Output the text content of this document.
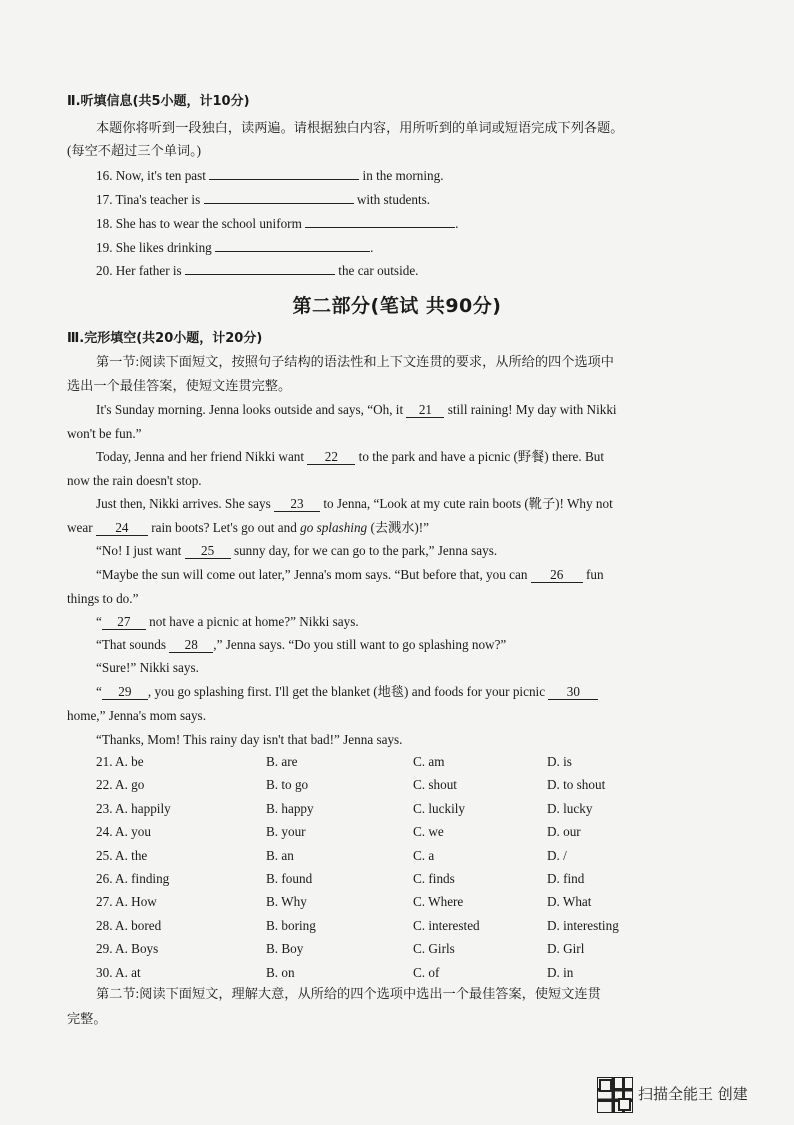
Ⅱ.听填信息(共5小题，计10分)
本题你将听到一段独白，读两遍。请根据独白内容，用所听到的单词或短语完成下列各题。
(每空不超过三个单词。)
16. Now, it's ten past	in the morning.
17. Tina's teacher is	with students.
18. She has to wear the school uniform	.
19. She likes drinking	.
20. Her father is	the car outside.
第二部分(笔试 共90分)
Ⅲ.完形填空(共20小题，计20分)
第一节:阅读下面短文，按照句子结构的语法性和上下文连贯的要求，从所给的四个选项中
选出一个最佳答案，使短文连贯完整。
It's Sunday morning. Jenna looks outside and says, “Oh, it 21 still raining! My day with Nikki
won't be fun.”
Today, Jenna and her friend Nikki want 22 to the park and have a picnic (野餐) there. But
now the rain doesn't stop.
Just then, Nikki arrives. She says 23 to Jenna, “Look at my cute rain boots (靴子)! Why not
wear 24 rain boots? Let's go out and go splashing (去溅水)!”
“No! I just want 25 sunny day, for we can go to the park,” Jenna says.
“Maybe the sun will come out later,” Jenna's mom says. “But before that, you can 26 fun
things to do.”
“ 27 not have a picnic at home?” Nikki says.
“That sounds 28 ,” Jenna says. “Do you still want to go splashing now?”
“Sure!” Nikki says.
“ 29 , you go splashing first. I'll get the blanket (地毯) and foods for your picnic 30
home,” Jenna's mom says.
“Thanks, Mom! This rainy day isn't that bad!” Jenna says.
21. A. be	B. are	C. am	D. is
22. A. go	B. to go	C. shout	D. to shout
23. A. happily	B. happy	C. luckily	D. lucky
24. A. you	B. your	C. we	D. our
25. A. the	B. an	C. a	D. /
26. A. finding	B. found	C. finds	D. find
27. A. How	B. Why	C. Where	D. What
28. A. bored	B. boring	C. interested	D. interesting
29. A. Boys	B. Boy	C. Girls	D. Girl
30. A. at	B. on	C. of	D. in
第二节:阅读下面短文，理解大意，从所给的四个选项中选出一个最佳答案，使短文连贯
完整。
扫描全能王 创建
